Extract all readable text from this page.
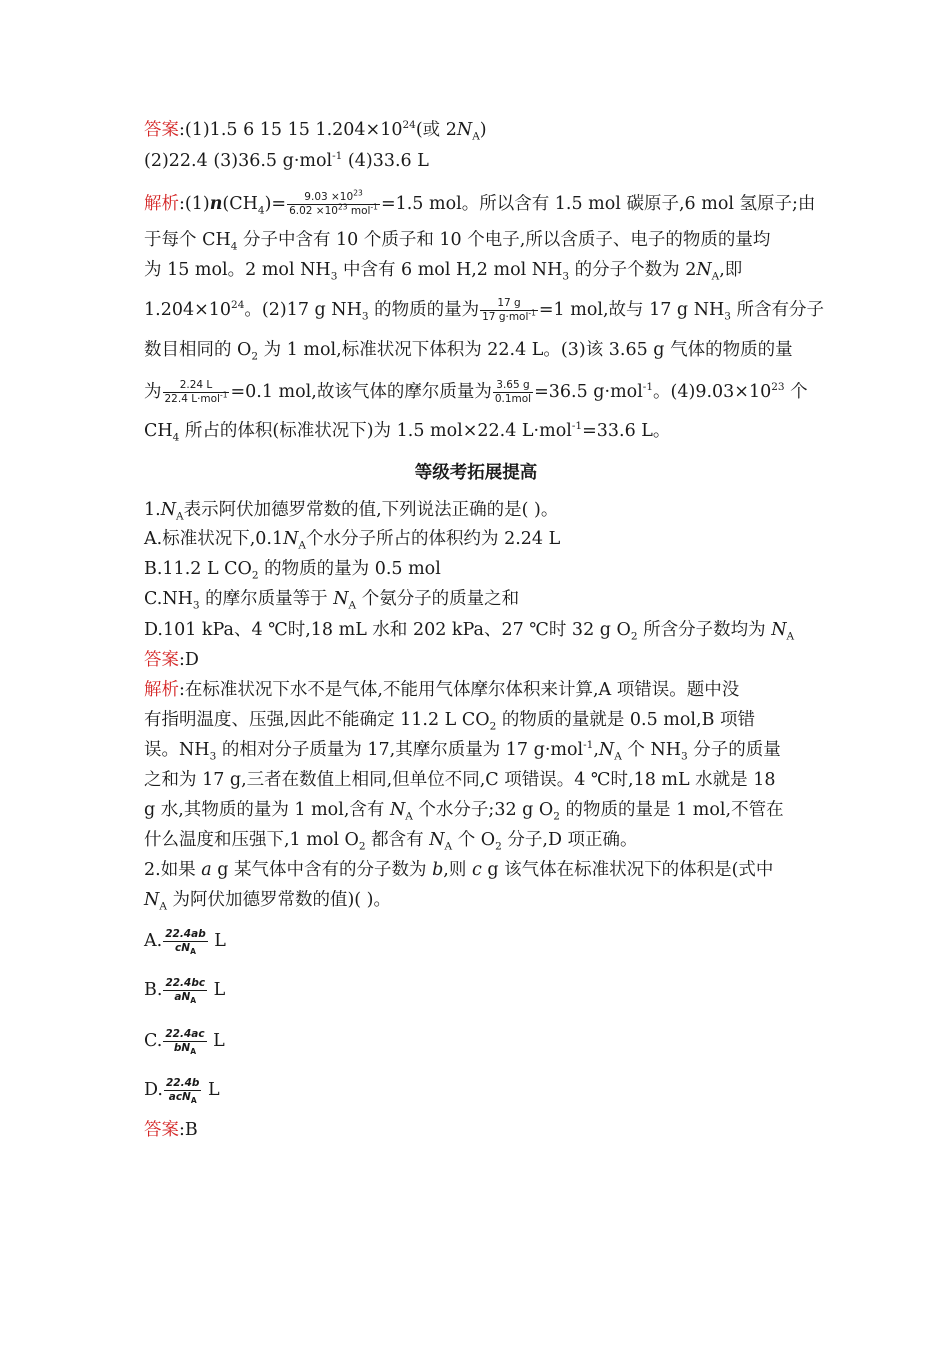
答案:(1)1.5 6 15 15 $1.204\times 10^{24}$(或 $2N_A$)
(2)22.4 (3)36.5 g·mol$^{-1}$ (4)33.6 L
解析$:(1)n(CH_4)= \frac{9.03 \times 10^{23}}{6.02 \times 10^{23} mol^{-1}} =1.5$ mol。所以含有 1.5 mol 碳原子,6 mol 氢原子;由
于每个 $CH_4$ 分子中含有 10 个质子和 10 个电子,所以含质子、电子的物质的量均
为 15 mol。2 mol $NH_3$ 中含有 6 mol H,2 mol $NH_3$ 的分子个数为 $2N_A$,即
$1.204\times 10^{24}$。(2)17 g $NH_3$ 的物质的量为 $\frac{17 g}{17 g\cdot mol^{-1}} =1$ mol,故与 17 g $NH_3$ 所含有分子
数目相同的 $O_2$ 为 1 mol,标准状况下体积为 22.4 L。(3)该 3.65 g 气体的物质的量
为 $\frac{2.24 L}{22.4 L\cdot mol^{-1}} =0.1$ mol,故该气体的摩尔质量为 $\frac{3.65 g}{\text{0.1mol}} =36.5$ g·mol$^{-1}$。$(4)9.03\times 10^{23}$ 个
$CH_4$ 所占的体积(标准状况下)为 1.5 mol×22.4 L·mol$^{-1}$=33.6 L。
等级考拓展提高
$1.N_A$表示阿伏加德罗常数的值,下列说法正确的是( )。
A.标准状况下$,0.1N_A$个水分子所占的体积约为 2.24 L
B.11.2 L $CO_2$ 的物质的量为 0.5 mol
$C.NH_3$ 的摩尔质量等于 $N_A$ 个氨分子的质量之和
D.101 kPa、4 ℃时,18 mL 水和 202 kPa、27 ℃时 32 g $O_2$ 所含分子数均为 $N_A$
答案:D
解析:在标准状况下水不是气体,不能用气体摩尔体积来计算,A 项错误。题中没
有指明温度、压强,因此不能确定 11.2 L $CO_2$ 的物质的量就是 0.5 mol,B 项错
误。$NH_3$ 的相对分子质量为 17,其摩尔质量为 17 $g\cdot mol^{-1},N_A$ 个 $NH_3$ 分子的质量
之和为 17 g,三者在数值上相同,但单位不同,C 项错误。4 ℃时,18 mL 水就是 18
g 水,其物质的量为 1 mol,含有 $N_A$ 个水分子;32 g $O_2$ 的物质的量是 1 mol,不管在
什么温度和压强下,1 mol $O_2$ 都含有 $N_A$ 个 $O_2$ 分子,D 项正确。
2.如果 a g 某气体中含有的分子数为 b,则 c g 该气体在标准状况下的体积是(式中
$N_A$ 为阿伏加德罗常数的值)( )。
A. $\frac{22.4ab}{cN_A}$ L
B. $\frac{22.4bc}{aN_A}$ L
C. $\frac{22.4ac}{bN_A}$ L
D. $\frac{22.4b}{acN_A}$ L
答案:B
